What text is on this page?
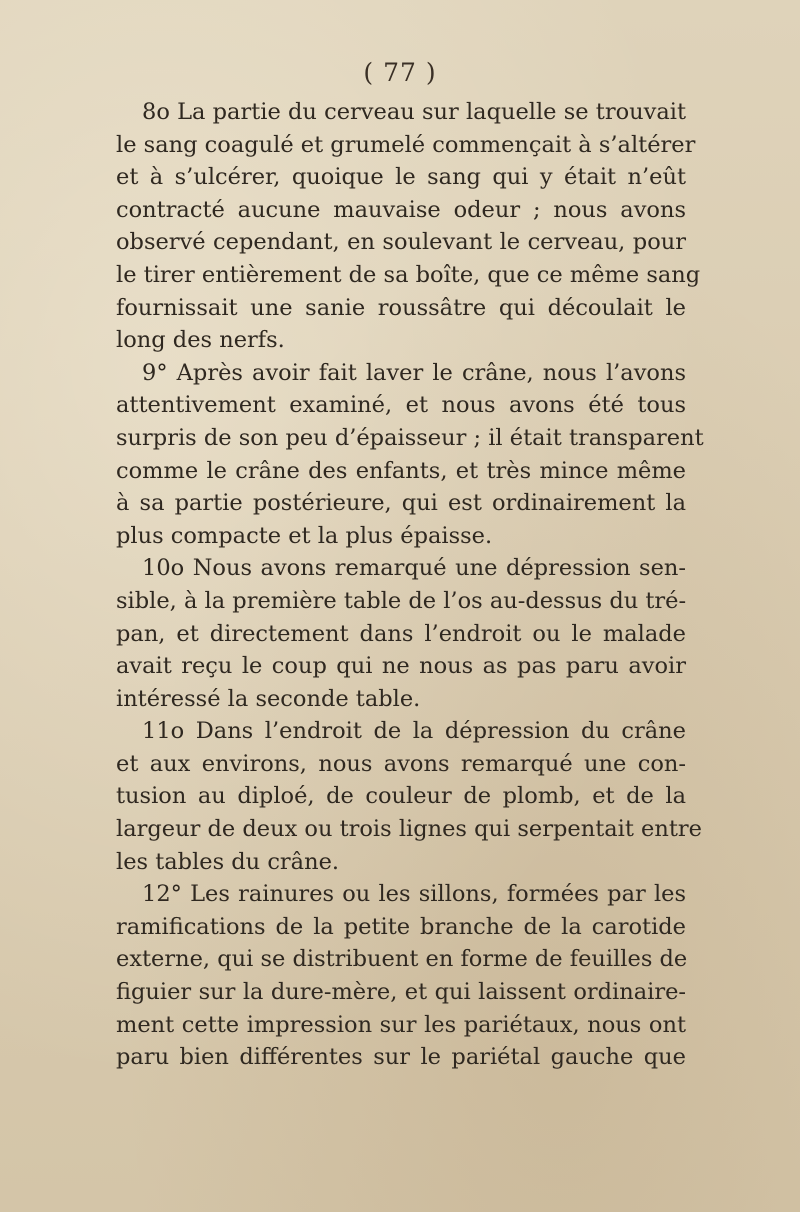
( 77 )
8o La partie du cerveau sur laquelle se trouvait
le sang coagulé et grumelé commençait à s’altérer
et à s’ulcérer, quoique le sang qui y était n’eût
contracté aucune mauvaise odeur ; nous avons
observé cependant, en soulevant le cerveau, pour
le tirer entièrement de sa boîte, que ce même sang
fournissait une sanie roussâtre qui découlait le
long des nerfs.
9° Après avoir fait laver le crâne, nous l’avons
attentivement examiné, et nous avons été tous
surpris de son peu d’épaisseur ; il était transparent
comme le crâne des enfants, et très mince même
à sa partie postérieure, qui est ordinairement la
plus compacte et la plus épaisse.
10o Nous avons remarqué une dépression sen-
sible, à la première table de l’os au-dessus du tré-
pan, et directement dans l’endroit ou le malade
avait reçu le coup qui ne nous as pas paru avoir
intéressé la seconde table.
11o Dans l’endroit de la dépression du crâne
et aux environs, nous avons remarqué une con-
tusion au diploé, de couleur de plomb, et de la
largeur de deux ou trois lignes qui serpentait entre
les tables du crâne.
12° Les rainures ou les sillons, formées par les
ramifications de la petite branche de la carotide
externe, qui se distribuent en forme de feuilles de
figuier sur la dure-mère, et qui laissent ordinaire-
ment cette impression sur les pariétaux, nous ont
paru bien différentes sur le pariétal gauche que
